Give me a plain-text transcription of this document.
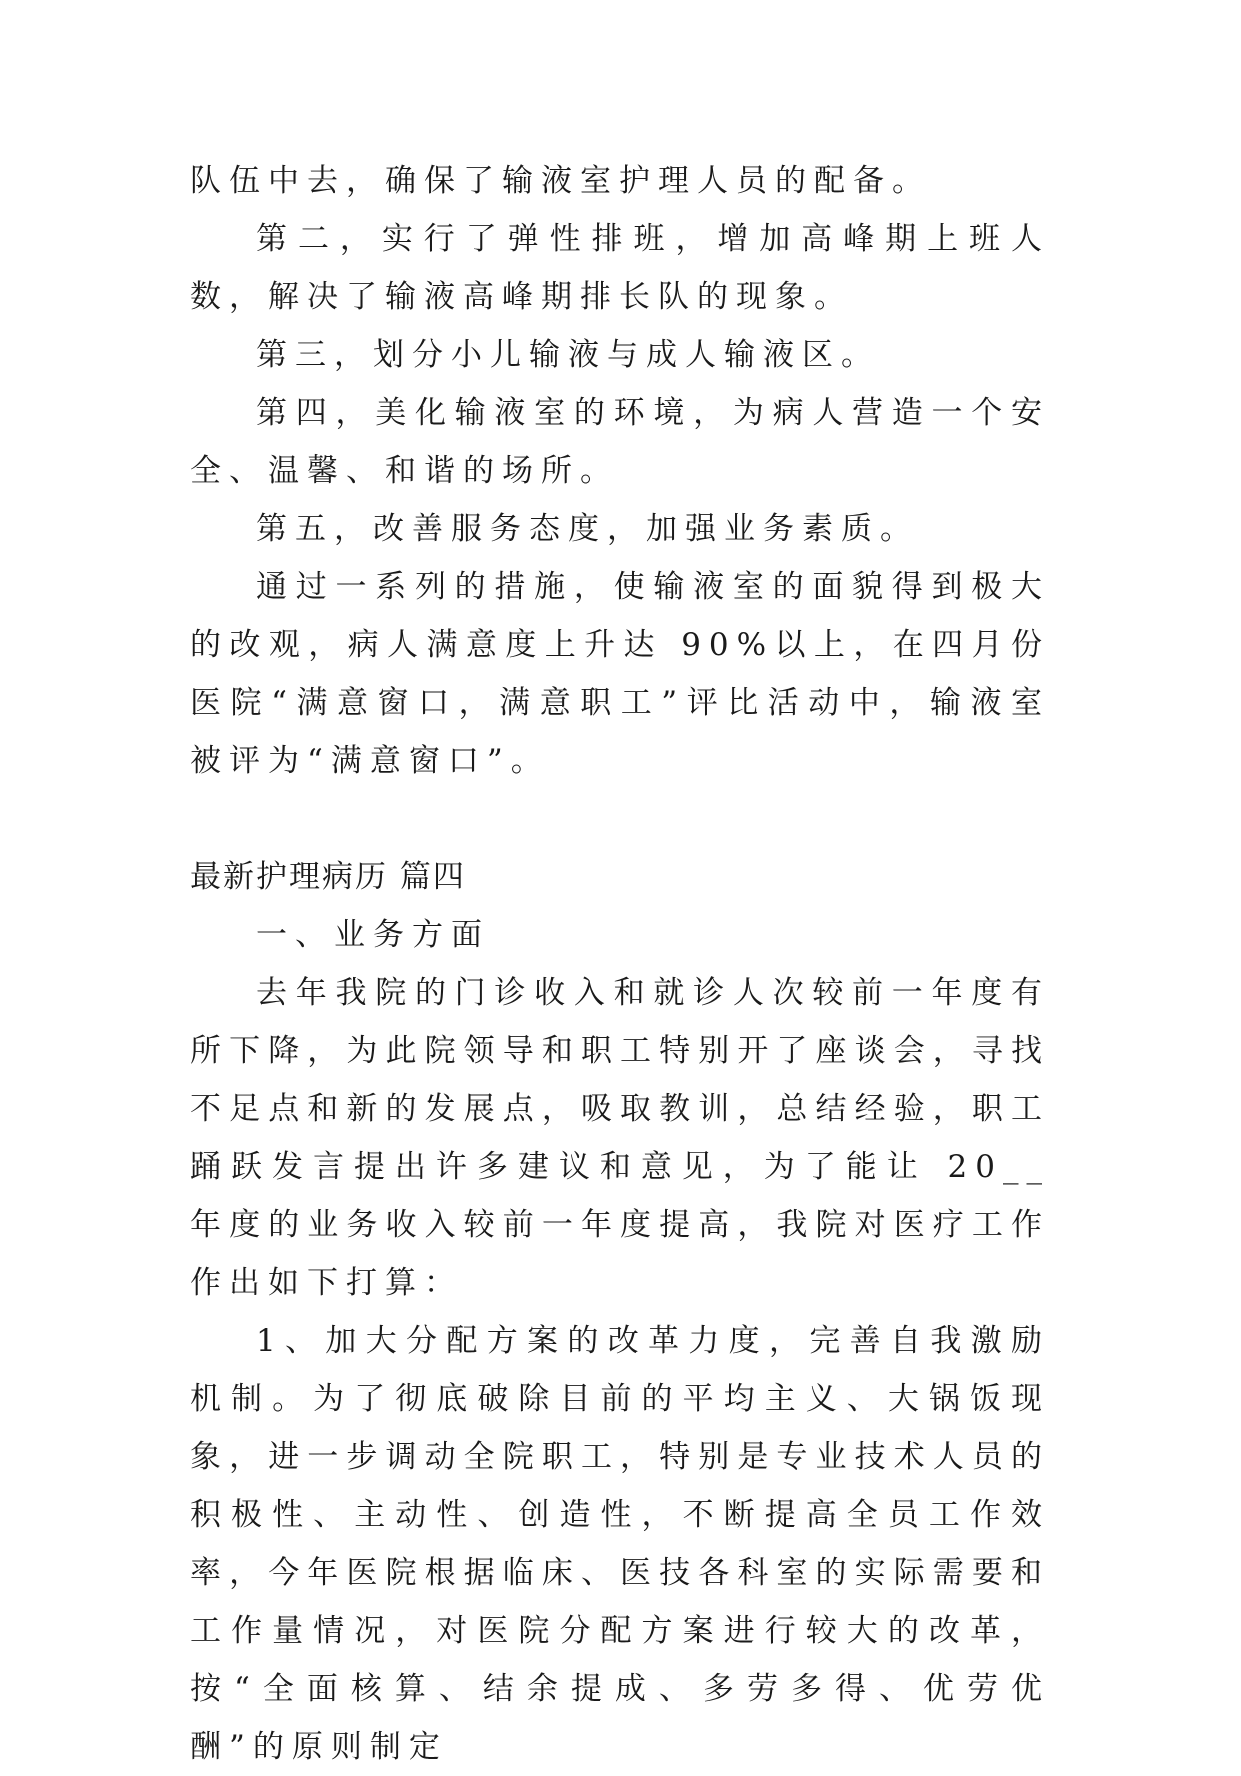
队伍中去，确保了输液室护理人员的配备。

第二，实行了弹性排班，增加高峰期上班人数，解决了输液高峰期排长队的现象。

第三，划分小儿输液与成人输液区。

第四，美化输液室的环境，为病人营造一个安全、温馨、和谐的场所。

第五，改善服务态度，加强业务素质。

通过一系列的措施，使输液室的面貌得到极大的改观，病人满意度上升达 90%以上，在四月份医院“满意窗口，满意职工”评比活动中，输液室被评为“满意窗口”。

最新护理病历 篇四

一、业务方面

去年我院的门诊收入和就诊人次较前一年度有所下降，为此院领导和职工特别开了座谈会，寻找不足点和新的发展点，吸取教训，总结经验，职工踊跃发言提出许多建议和意见，为了能让 20__年度的业务收入较前一年度提高，我院对医疗工作作出如下打算：

1、加大分配方案的改革力度，完善自我激励机制。为了彻底破除目前的平均主义、大锅饭现象，进一步调动全院职工，特别是专业技术人员的积极性、主动性、创造性，不断提高全员工作效率，今年医院根据临床、医技各科室的实际需要和工作量情况，对医院分配方案进行较大的改革，按“全面核算、结余提成、多劳多得、优劳优酬”的原则制定
